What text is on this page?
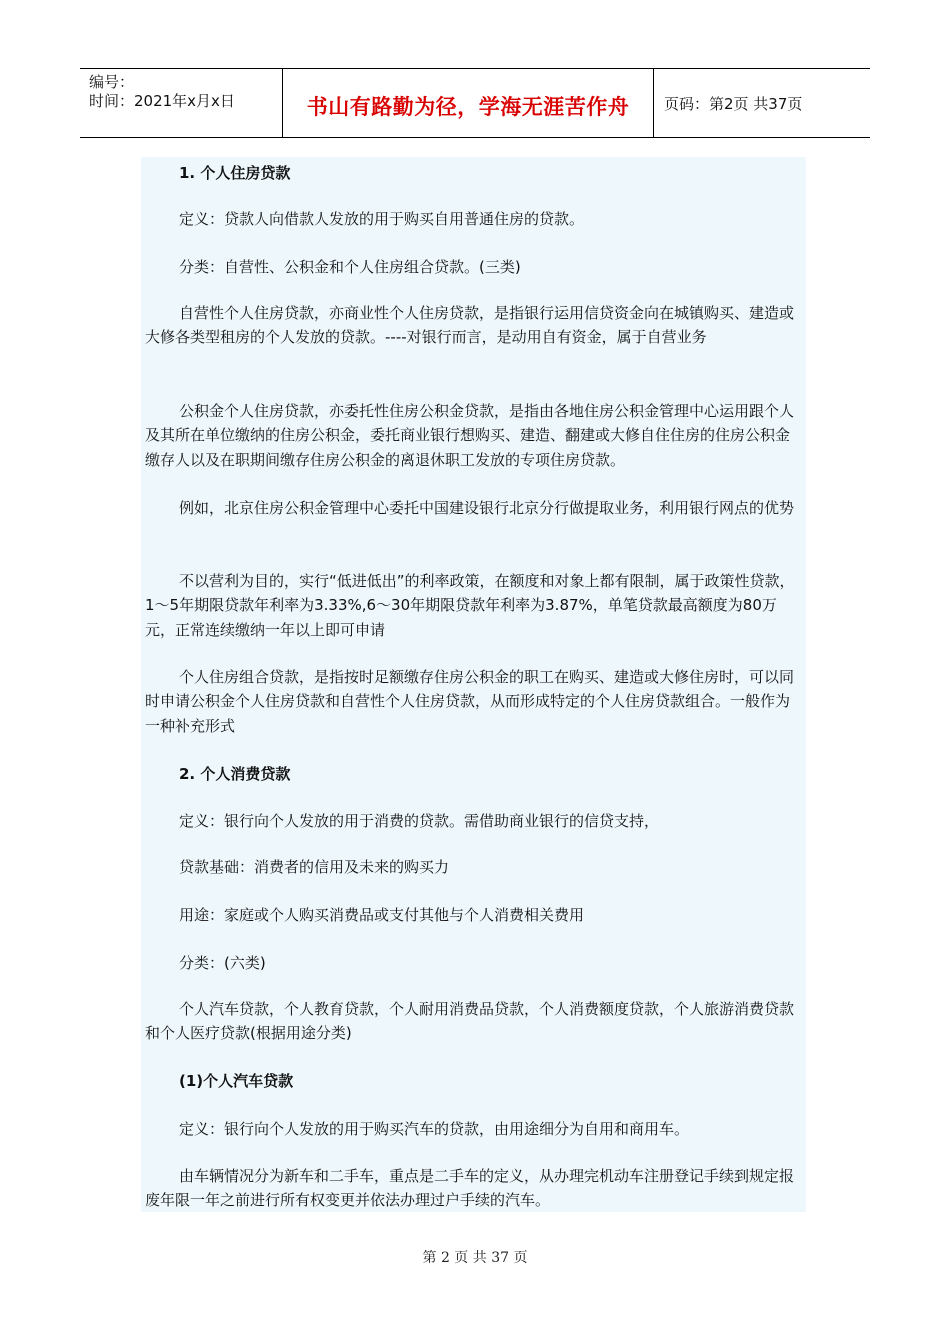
编号：
时间：2021年x月x日	书山有路勤为径，学海无涯苦作舟	页码：第2页 共37页
1. 个人住房贷款
定义：贷款人向借款人发放的用于购买自用普通住房的贷款。
分类：自营性、公积金和个人住房组合贷款。(三类)
自营性个人住房贷款，亦商业性个人住房贷款，是指银行运用信贷资金向在城镇购买、建造或大修各类型租房的个人发放的贷款。----对银行而言，是动用自有资金，属于自营业务
公积金个人住房贷款，亦委托性住房公积金贷款，是指由各地住房公积金管理中心运用跟个人及其所在单位缴纳的住房公积金，委托商业银行想购买、建造、翻建或大修自住住房的住房公积金缴存人以及在职期间缴存住房公积金的离退休职工发放的专项住房贷款。
例如，北京住房公积金管理中心委托中国建设银行北京分行做提取业务，利用银行网点的优势
不以营利为目的，实行“低进低出”的利率政策，在额度和对象上都有限制，属于政策性贷款，1～5年期限贷款年利率为3.33%,6～30年期限贷款年利率为3.87%，单笔贷款最高额度为80万元，正常连续缴纳一年以上即可申请
个人住房组合贷款，是指按时足额缴存住房公积金的职工在购买、建造或大修住房时，可以同时申请公积金个人住房贷款和自营性个人住房贷款，从而形成特定的个人住房贷款组合。一般作为一种补充形式
2. 个人消费贷款
定义：银行向个人发放的用于消费的贷款。需借助商业银行的信贷支持，
贷款基础：消费者的信用及未来的购买力
用途：家庭或个人购买消费品或支付其他与个人消费相关费用
分类：(六类)
个人汽车贷款，个人教育贷款，个人耐用消费品贷款，个人消费额度贷款，个人旅游消费贷款和个人医疗贷款(根据用途分类)
(1)个人汽车贷款
定义：银行向个人发放的用于购买汽车的贷款，由用途细分为自用和商用车。
由车辆情况分为新车和二手车，重点是二手车的定义，从办理完机动车注册登记手续到规定报废年限一年之前进行所有权变更并依法办理过户手续的汽车。
第 2 页 共 37 页
